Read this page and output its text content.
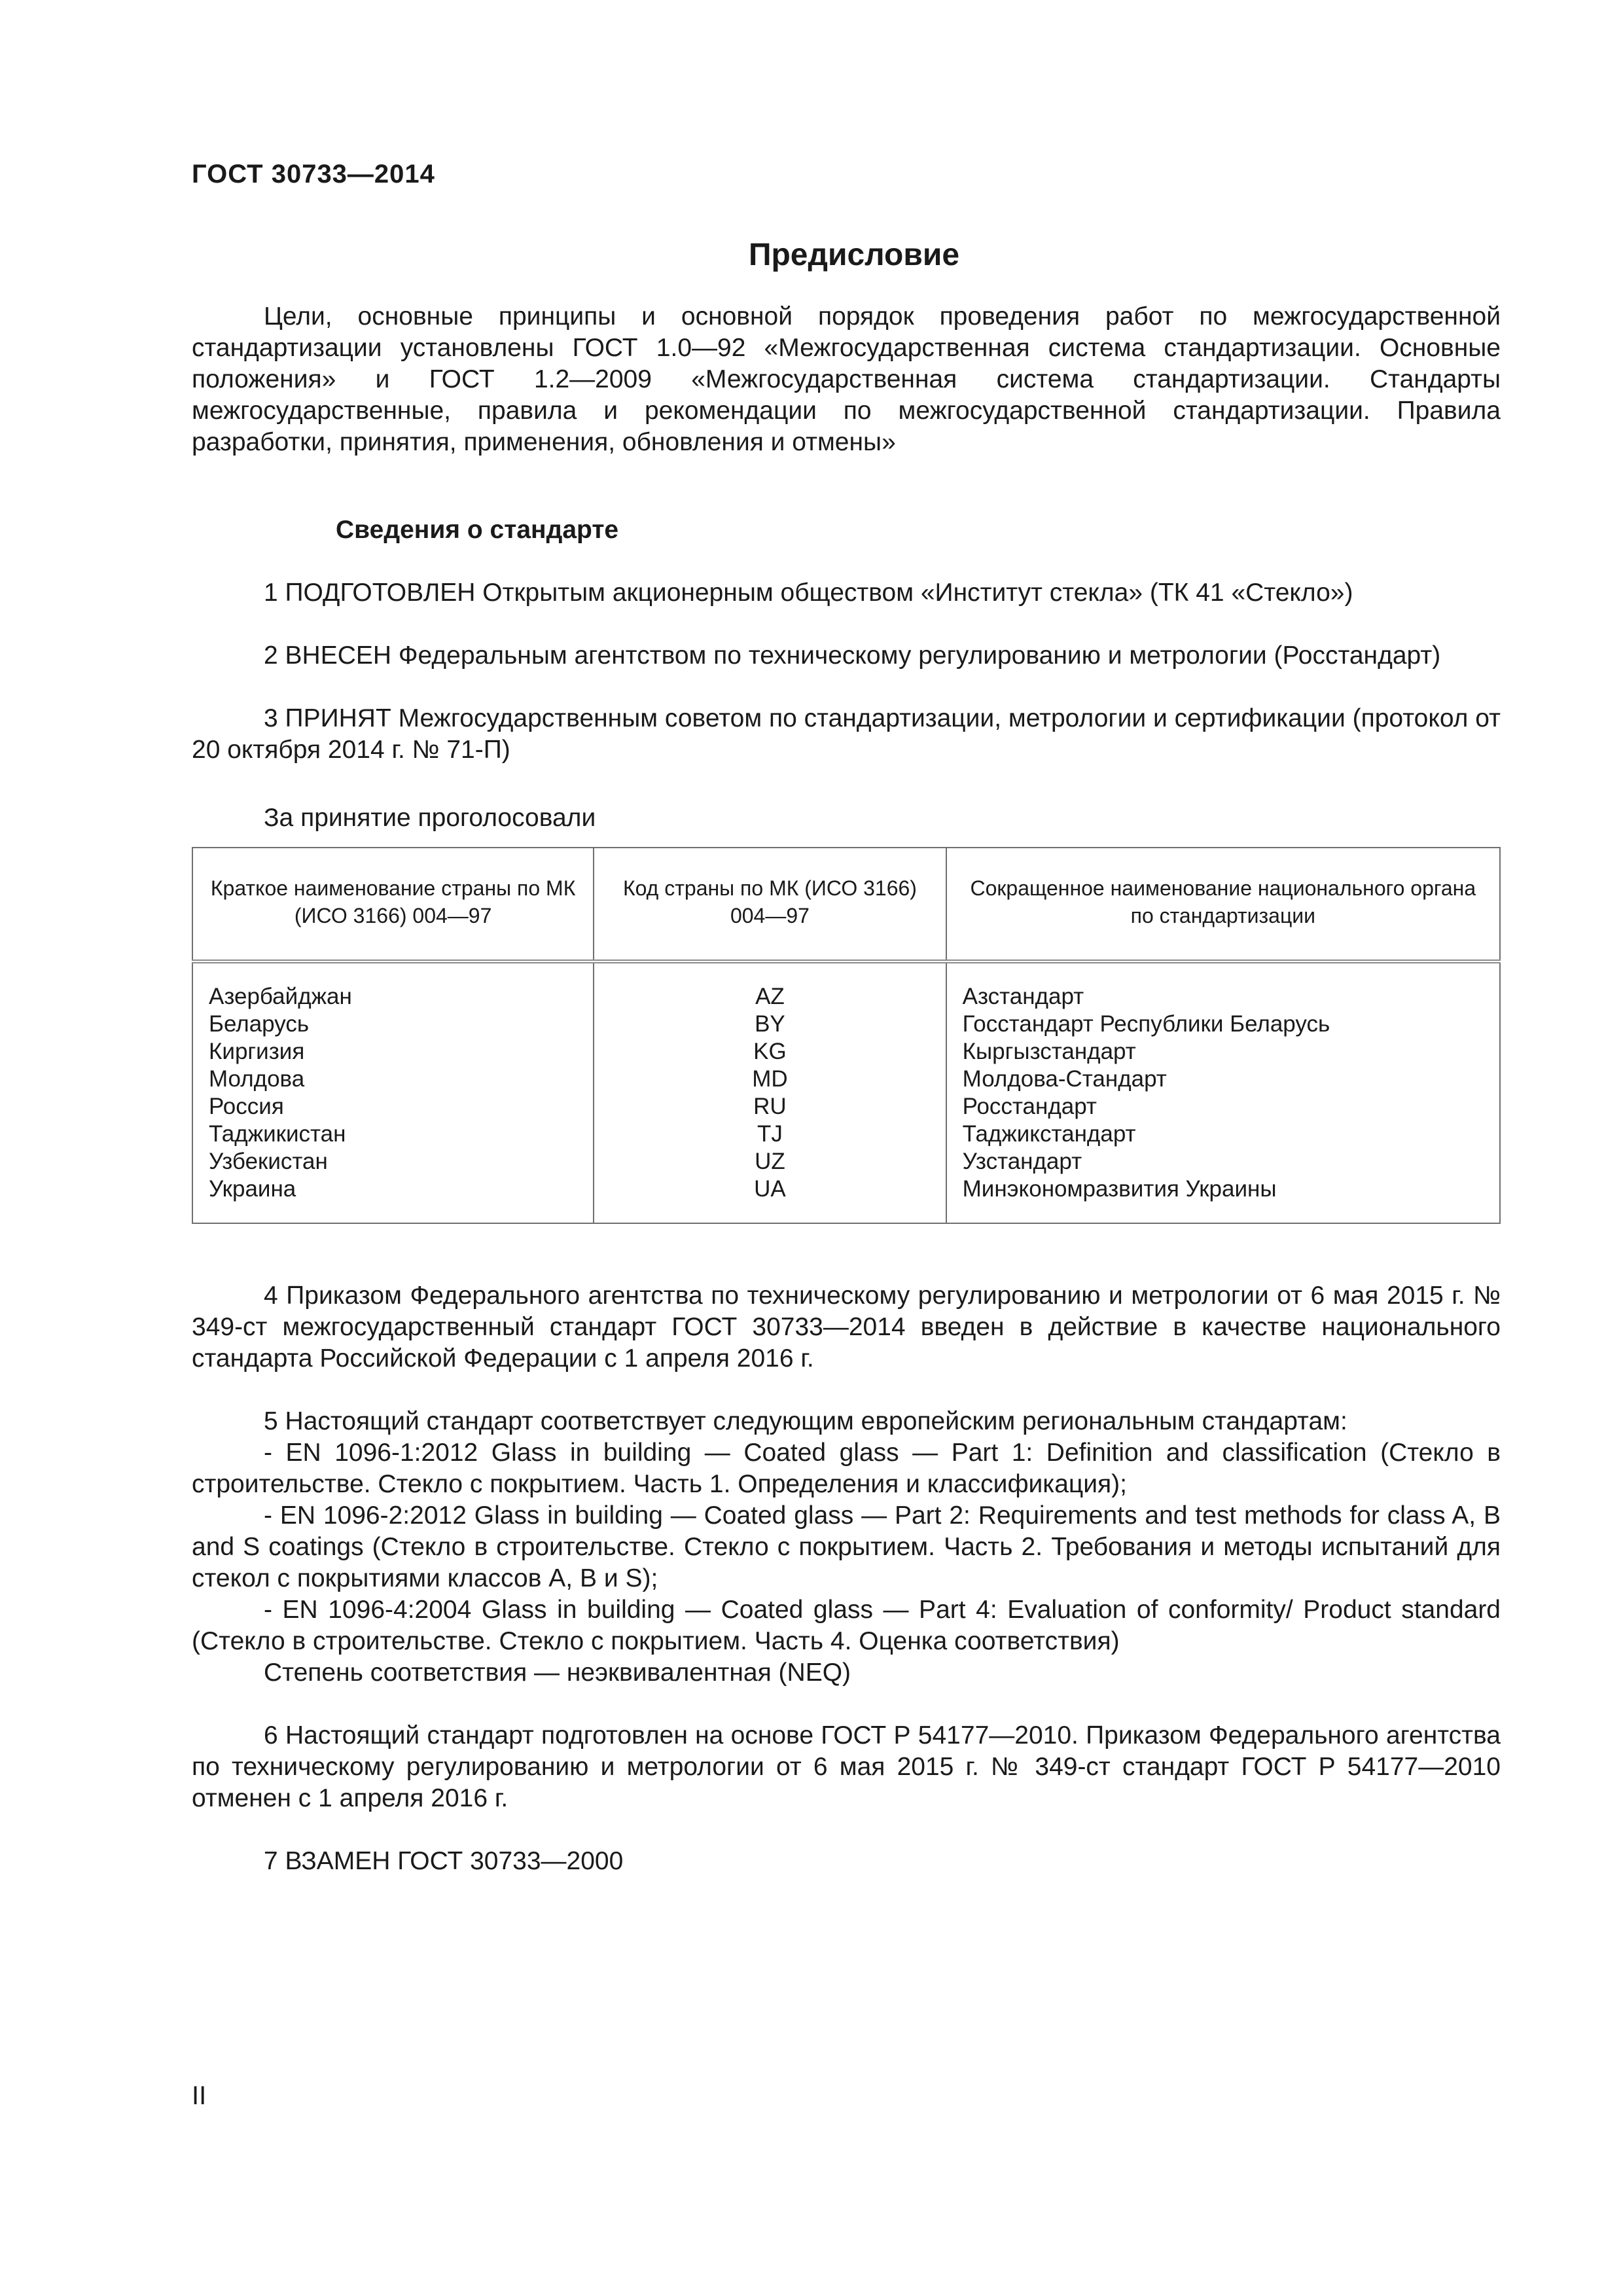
ГОСТ 30733—2014
Предисловие

Цели, основные принципы и основной порядок проведения работ по межгосударственной стандартизации установлены ГОСТ 1.0—92 «Межгосударственная система стандартизации. Основные положения» и ГОСТ 1.2—2009 «Межгосударственная система стандартизации. Стандарты межгосударственные, правила и рекомендации по межгосударственной стандартизации. Правила разработки, принятия, применения, обновления и отмены»

Сведения о стандарте

1 ПОДГОТОВЛЕН Открытым акционерным обществом «Институт стекла» (ТК 41 «Стекло»)

2 ВНЕСЕН Федеральным агентством по техническому регулированию и метрологии (Росстандарт)

3 ПРИНЯТ Межгосударственным советом по стандартизации, метрологии и сертификации (протокол от 20 октября 2014 г. № 71-П)

За принятие проголосовали

Краткое наименование страны по МК (ИСО 3166) 004—97	Код страны по МК (ИСО 3166) 004—97	Сокращенное наименование национального органа по стандартизации
Азербайджан	AZ	Азстандарт
Беларусь	BY	Госстандарт Республики Беларусь
Киргизия	KG	Кыргызстандарт
Молдова	MD	Молдова-Стандарт
Россия	RU	Росстандарт
Таджикистан	TJ	Таджикстандарт
Узбекистан	UZ	Узстандарт
Украина	UA	Минэкономразвития Украины

4 Приказом Федерального агентства по техническому регулированию и метрологии от 6 мая 2015 г. № 349-ст межгосударственный стандарт ГОСТ 30733—2014 введен в действие в качестве национального стандарта Российской Федерации с 1 апреля 2016 г.

5 Настоящий стандарт соответствует следующим европейским региональным стандартам:

- EN 1096-1:2012 Glass in building — Coated glass — Part 1: Definition and classification (Стекло в строительстве. Стекло с покрытием. Часть 1. Определения и классификация);

- EN 1096-2:2012 Glass in building — Coated glass — Part 2: Requirements and test methods for class A, B and S coatings (Стекло в строительстве. Стекло с покрытием. Часть 2. Требования и методы испытаний для стекол с покрытиями классов A, B и S);

- EN 1096-4:2004 Glass in building — Coated glass — Part 4: Evaluation of conformity/ Product standard (Стекло в строительстве. Стекло с покрытием. Часть 4. Оценка соответствия)

Степень соответствия — неэквивалентная (NEQ)

6 Настоящий стандарт подготовлен на основе ГОСТ Р 54177—2010. Приказом Федерального агентства по техническому регулированию и метрологии от 6 мая 2015 г. № 349-ст стандарт ГОСТ Р 54177—2010 отменен с 1 апреля 2016 г.

7 ВЗАМЕН ГОСТ 30733—2000

II
